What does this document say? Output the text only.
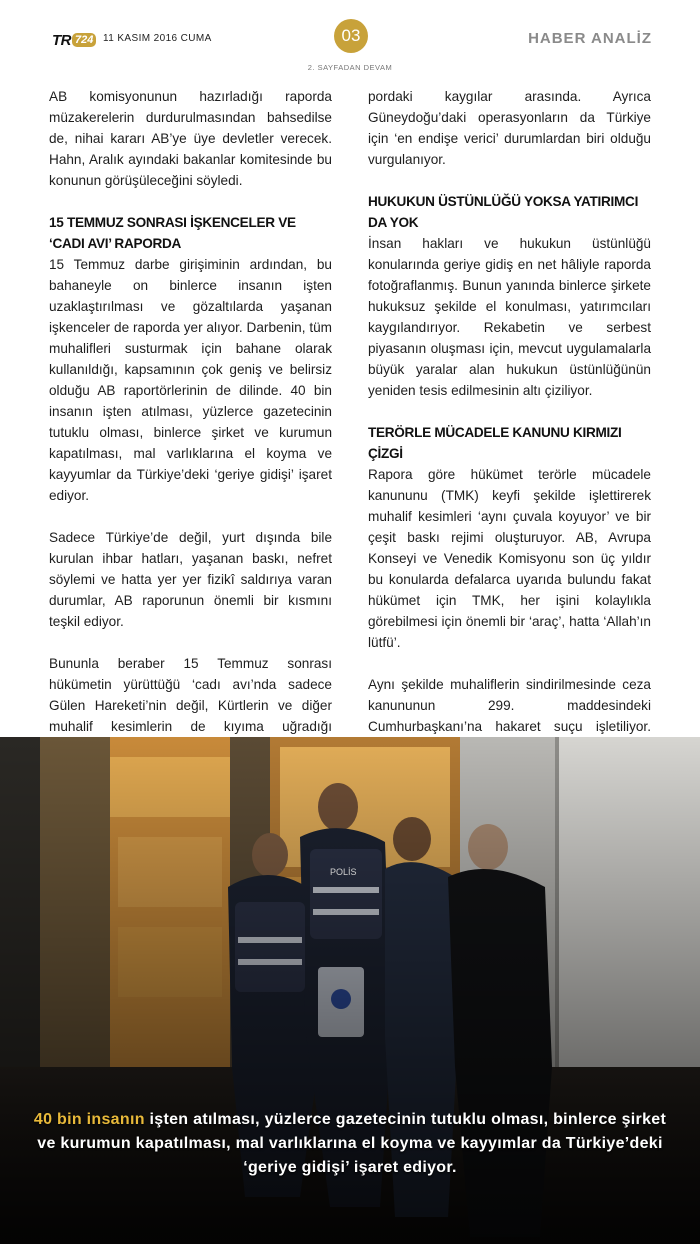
TR 724 11 KASIM 2016 CUMA	03	HABER ANALİZ
2. SAYFADAN DEVAM

AB komisyonunun hazırladığı raporda müzakerelerin durdurulmasından bahsedilse de, nihai kararı AB’ye üye devletler verecek. Hahn, Aralık ayındaki bakanlar komitesinde bu konunun görüşüleceğini söyledi.

15 TEMMUZ SONRASI İŞKENCELER VE ‘CADI AVI’ RAPORDA

15 Temmuz darbe girişiminin ardından, bu bahaneyle on binlerce insanın işten uzaklaştırılması ve gözaltılarda yaşanan işkenceler de raporda yer alıyor. Darbenin, tüm muhalifleri susturmak için bahane olarak kullanıldığı, kapsamının çok geniş ve belirsiz olduğu AB raportörlerinin de dilinde. 40 bin insanın işten atılması, yüzlerce gazetecinin tutuklu olması, binlerce şirket ve kurumun kapatılması, mal varlıklarına el koyma ve kayyumlar da Türkiye’deki ‘geriye gidişi’ işaret ediyor.

Sadece Türkiye’de değil, yurt dışında bile kurulan ihbar hatları, yaşanan baskı, nefret söylemi ve hatta yer yer fizikî saldırıya varan durumlar, AB raporunun önemli bir kısmını teşkil ediyor.

Bununla beraber 15 Temmuz sonrası hükümetin yürüttüğü ‘cadı avı’nda sadece Gülen Hareketi’nin değil, Kürtlerin ve diğer muhalif kesimlerin de kıyıma uğradığı

pordaki kaygılar arasında. Ayrıca Güneydoğu’daki operasyonların da Türkiye için ‘en endişe verici’ durumlardan biri olduğu vurgulanıyor.

HUKUKUN ÜSTÜNLÜĞÜ YOKSA YATIRIMCI DA YOK

İnsan hakları ve hukukun üstünlüğü konularında geriye gidiş en net hâliyle raporda fotoğraflanmış. Bunun yanında binlerce şirkete hukuksuz şekilde el konulması, yatırımcıları kaygılandırıyor. Rekabetin ve serbest piyasanın oluşması için, mevcut uygulamalarla büyük yaralar alan hukukun üstünlüğünün yeniden tesis edilmesinin altı çiziliyor.

TERÖRLE MÜCADELE KANUNU KIRMIZI ÇİZGİ

Rapora göre hükümet terörle mücadele kanununu (TMK) keyfi şekilde işlettirerek muhalif kesimleri ‘aynı çuvala koyuyor’ ve bir çeşit baskı rejimi oluşturuyor. AB, Avrupa Konseyi ve Venedik Komisyonu son üç yıldır bu konularda defalarca uyarıda bulundu fakat hükümet için TMK, her işini kolaylıkla görebilmesi için önemli bir ‘araç’, hatta ‘Allah’ın lütfü’.

Aynı şekilde muhaliflerin sindirilmesinde ceza kanununun 299. maddesindeki Cumhurbaşkanı’na hakaret suçu işletiliyor.

40 bin insanın işten atılması, yüzlerce gazetecinin tutuklu olması, binlerce şirket ve kurumun kapatılması, mal varlıklarına el koyma ve kayyımlar da Türkiye’deki ‘geriye gidişi’ işaret ediyor.
